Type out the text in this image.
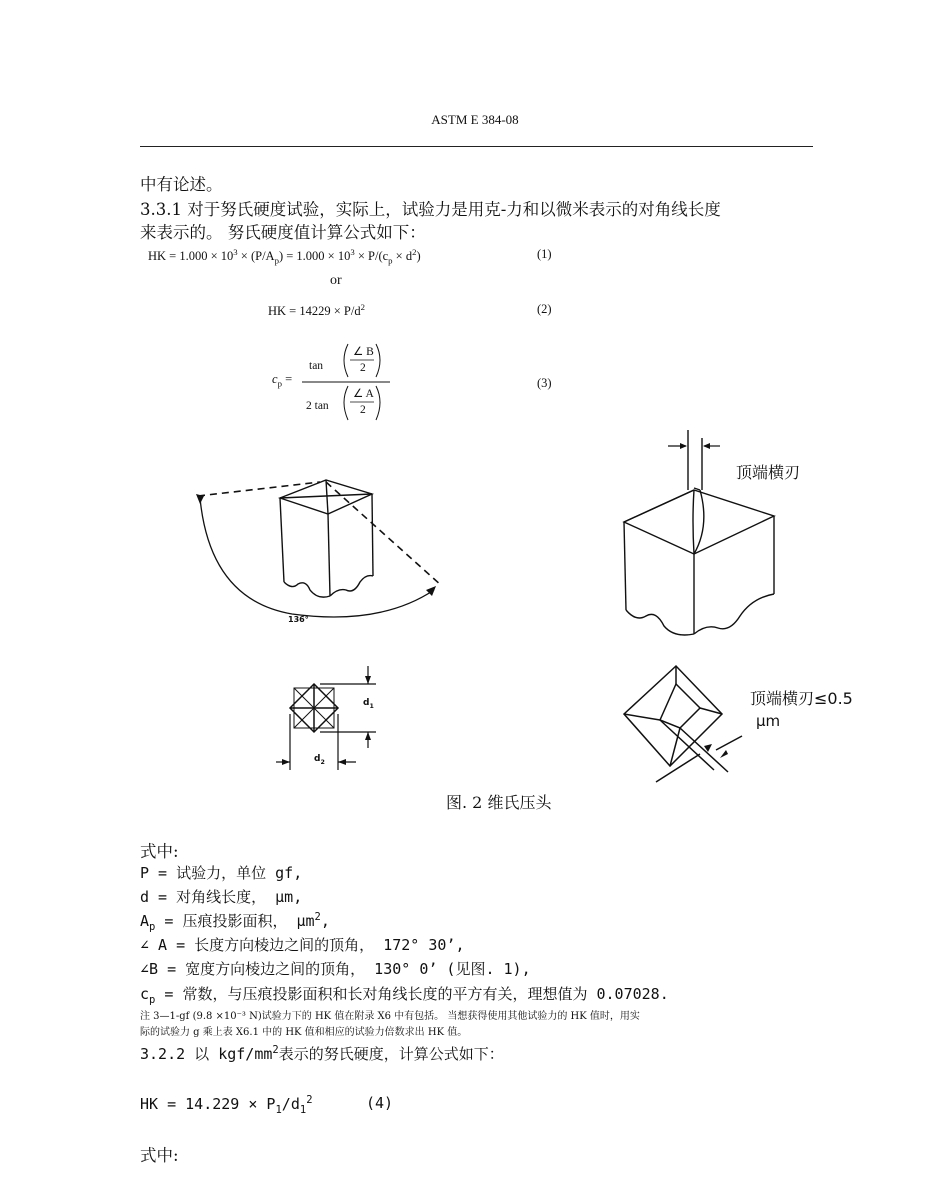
ASTM E 384-08
中有论述。
3.3.1 对于努氏硬度试验，实际上，试验力是用克-力和以微米表示的对角线长度
来表示的。 努氏硬度值计算公式如下：
HK = $1.000 \times 10^3 \times (P/A_p) = 1.000 \times 10^3 \times P/(c_p \times d^2)$	(1)
or
HK = $14229 \times P/d^2$	(2)
$c_p$ =
tan
∠ B
2
2 tan
∠ A
2
(3)
136°
$d_1$
$d_2$
顶端横刃
顶端横刃≤0.5
μm
图. 2 维氏压头
式中:
P = 试验力，单位 gf,
d = 对角线长度， μm,
$A_p$ = 压痕投影面积， $\mu m^2$,
∠ A = 长度方向棱边之间的顶角， 172° 30’,
∠B = 宽度方向棱边之间的顶角， 130° 0’ (见图. 1),
$c_p$ = 常数，与压痕投影面积和长对角线长度的平方有关，理想值为 0.07028.
注 3—1-gf (9.8 ×10⁻³ N)试验力下的 HK 值在附录 X6 中有包括。 当想获得使用其他试验力的 HK 值时，用实
际的试验力 g 乘上表 X6.1 中的 HK 值和相应的试验力倍数求出 HK 值。
3.2.2 以 kgf/$mm^2$表示的努氏硬度，计算公式如下：
HK = $14.229 \times P_1/d_1^2$	(4)
式中:
